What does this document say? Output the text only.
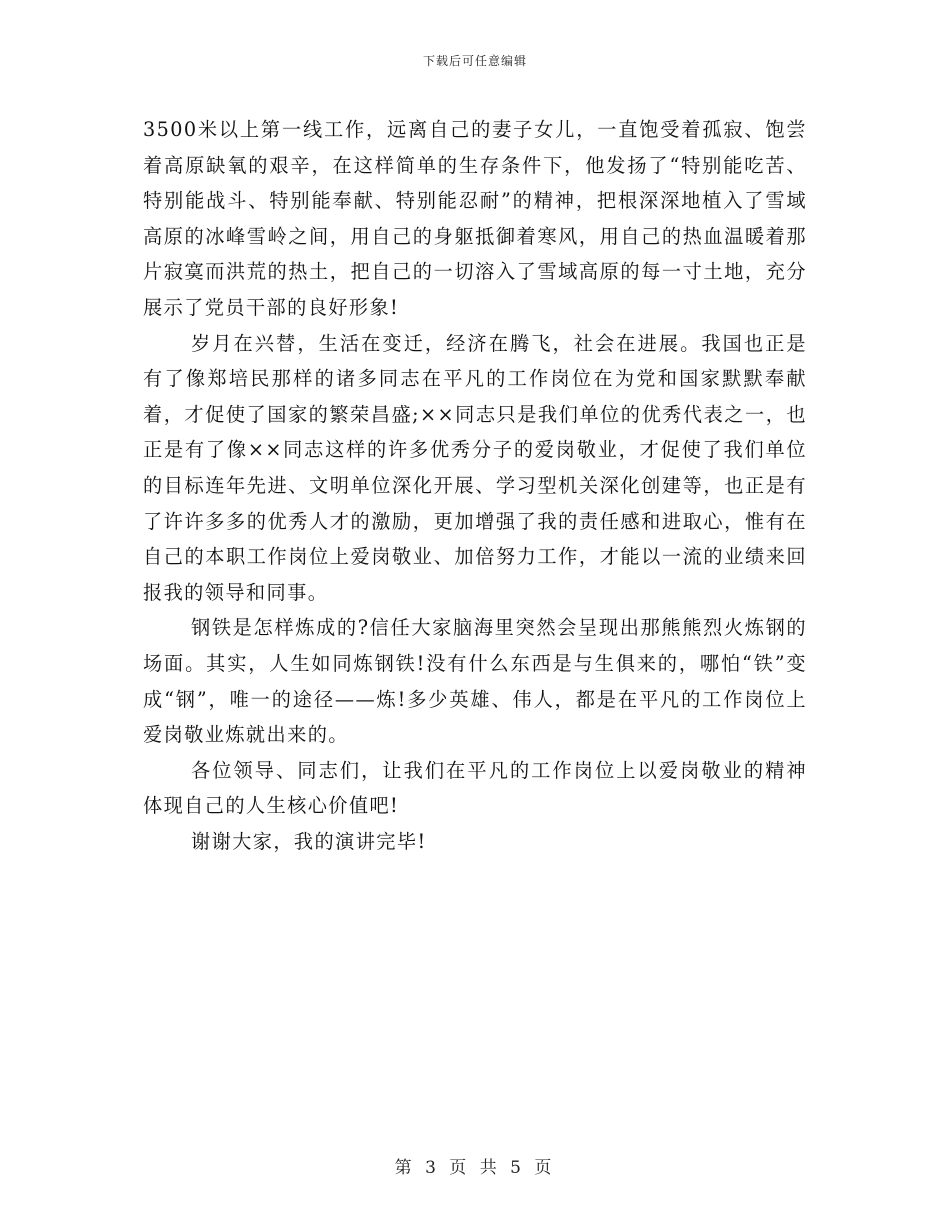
下载后可任意编辑

3500米以上第一线工作，远离自己的妻子女儿，一直饱受着孤寂、饱尝着高原缺氧的艰辛，在这样简单的生存条件下，他发扬了“特别能吃苦、特别能战斗、特别能奉献、特别能忍耐”的精神，把根深深地植入了雪域高原的冰峰雪岭之间，用自己的身躯抵御着寒风，用自己的热血温暖着那片寂寞而洪荒的热土，把自己的一切溶入了雪域高原的每一寸土地，充分展示了党员干部的良好形象!

岁月在兴替，生活在变迁，经济在腾飞，社会在进展。我国也正是有了像郑培民那样的诸多同志在平凡的工作岗位在为党和国家默默奉献着，才促使了国家的繁荣昌盛;××同志只是我们单位的优秀代表之一，也正是有了像××同志这样的许多优秀分子的爱岗敬业，才促使了我们单位的目标连年先进、文明单位深化开展、学习型机关深化创建等，也正是有了许许多多的优秀人才的激励，更加增强了我的责任感和进取心，惟有在自己的本职工作岗位上爱岗敬业、加倍努力工作，才能以一流的业绩来回报我的领导和同事。

钢铁是怎样炼成的?信任大家脑海里突然会呈现出那熊熊烈火炼钢的场面。其实，人生如同炼钢铁!没有什么东西是与生俱来的，哪怕“铁”变成“钢”，唯一的途径——炼!多少英雄、伟人，都是在平凡的工作岗位上爱岗敬业炼就出来的。

各位领导、同志们，让我们在平凡的工作岗位上以爱岗敬业的精神体现自己的人生核心价值吧!

谢谢大家，我的演讲完毕!

第 3 页 共 5 页
